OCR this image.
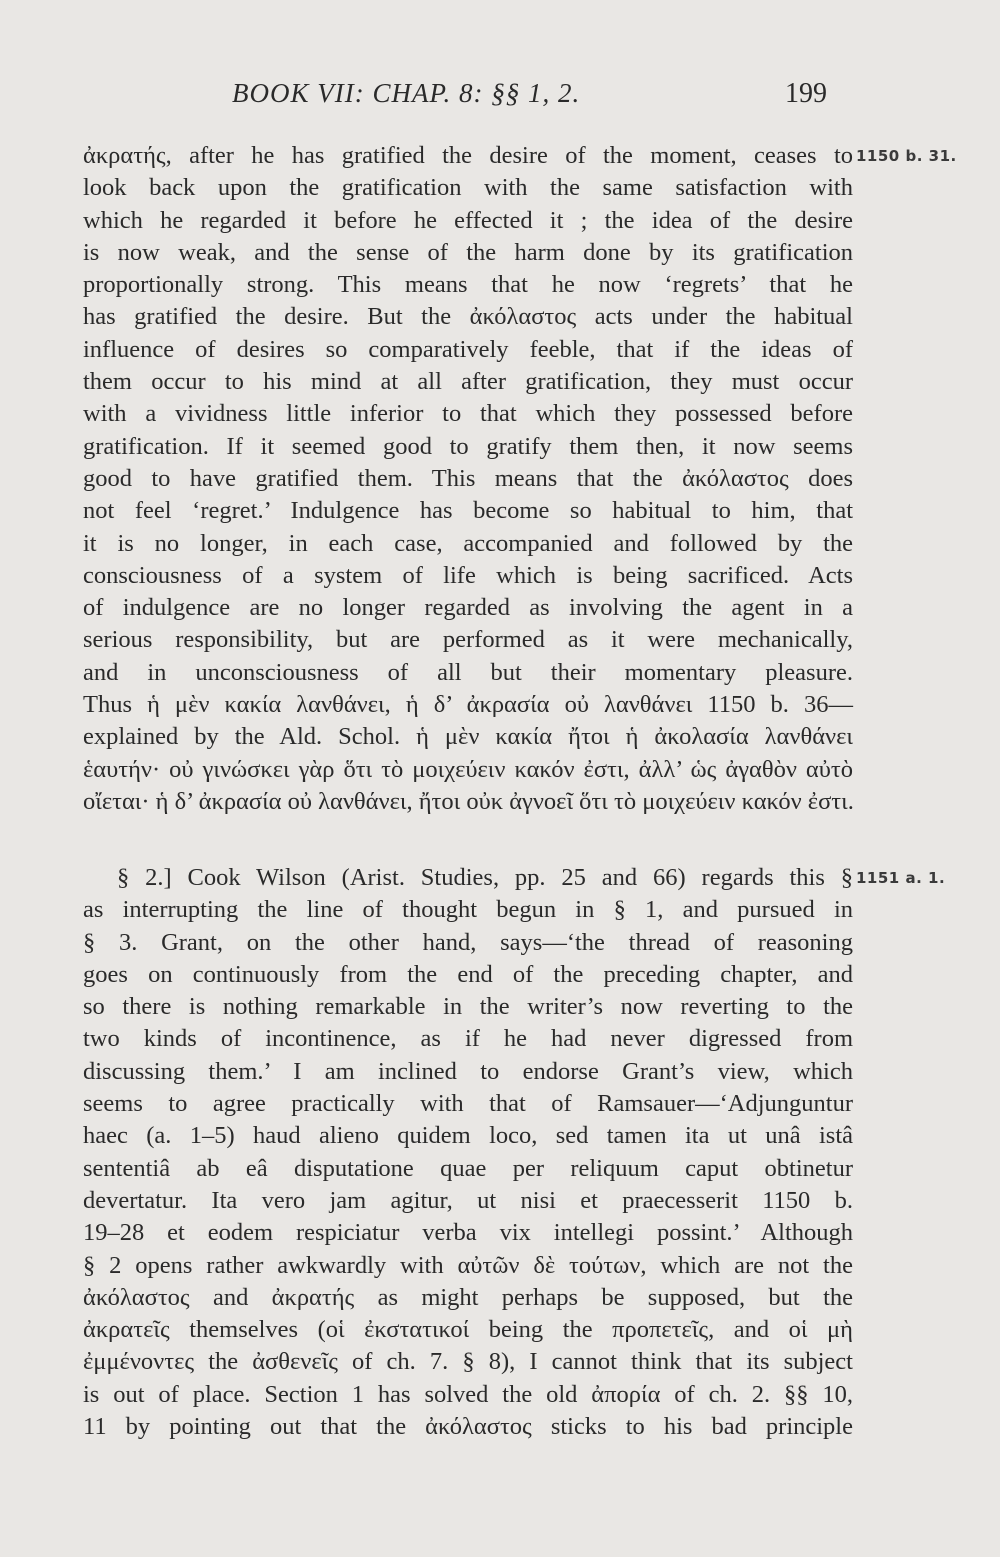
BOOK VII: CHAP. 8: §§ 1, 2.	199
ἀκρατής, after he has gratified the desire of the moment, ceases to 1150 b. 31.
look back upon the gratification with the same satisfaction with
which he regarded it before he effected it ; the idea of the desire
is now weak, and the sense of the harm done by its gratification
proportionally strong. This means that he now ‘regrets’ that he
has gratified the desire. But the ἀκόλαστος acts under the habitual
influence of desires so comparatively feeble, that if the ideas of
them occur to his mind at all after gratification, they must occur
with a vividness little inferior to that which they possessed before
gratification. If it seemed good to gratify them then, it now seems
good to have gratified them. This means that the ἀκόλαστος does
not feel ‘regret.’ Indulgence has become so habitual to him, that
it is no longer, in each case, accompanied and followed by the
consciousness of a system of life which is being sacrificed. Acts
of indulgence are no longer regarded as involving the agent in a
serious responsibility, but are performed as it were mechanically,
and in unconsciousness of all but their momentary pleasure.
Thus ἡ μὲν κακία λανθάνει, ἡ δ’ ἀκρασία οὐ λανθάνει 1150 b. 36—
explained by the Ald. Schol. ἡ μὲν κακία ἤτοι ἡ ἀκολασία λανθάνει
ἑαυτήν· οὐ γινώσκει γὰρ ὅτι τὸ μοιχεύειν κακόν ἐστι, ἀλλ’ ὡς ἀγαθὸν αὐτὸ
οἴεται· ἡ δ’ ἀκρασία οὐ λανθάνει, ἤτοι οὐκ ἀγνοεῖ ὅτι τὸ μοιχεύειν κακόν ἐστι.
§ 2.] Cook Wilson (Arist. Studies, pp. 25 and 66) regards this § 1151 a. 1.
as interrupting the line of thought begun in § 1, and pursued in
§ 3. Grant, on the other hand, says—‘the thread of reasoning
goes on continuously from the end of the preceding chapter, and
so there is nothing remarkable in the writer’s now reverting to the
two kinds of incontinence, as if he had never digressed from
discussing them.’ I am inclined to endorse Grant’s view, which
seems to agree practically with that of Ramsauer—‘Adjunguntur
haec (a. 1–5) haud alieno quidem loco, sed tamen ita ut unâ istâ
sententiâ ab eâ disputatione quae per reliquum caput obtinetur
devertatur. Ita vero jam agitur, ut nisi et praecesserit 1150 b.
19–28 et eodem respiciatur verba vix intellegi possint.’ Although
§ 2 opens rather awkwardly with αὐτῶν δὲ τούτων, which are not the
ἀκόλαστος and ἀκρατής as might perhaps be supposed, but the
ἀκρατεῖς themselves (οἱ ἐκστατικοί being the προπετεῖς, and οἱ μὴ
ἐμμένοντες the ἀσθενεῖς of ch. 7. § 8), I cannot think that its subject
is out of place. Section 1 has solved the old ἀπορία of ch. 2. §§ 10,
11 by pointing out that the ἀκόλαστος sticks to his bad principle
